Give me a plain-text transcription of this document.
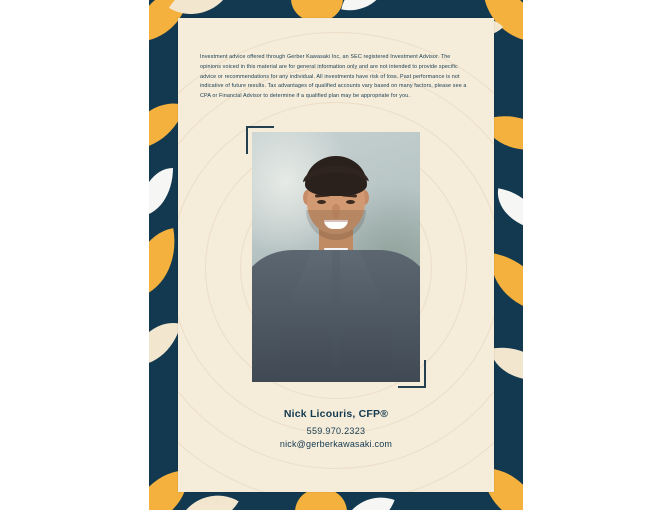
Investment advice offered through Gerber Kawasaki Inc, an SEC registered Investment Advisor. The opinions voiced in this material are for general information only and are not intended to provide specific advice or recommendations for any individual. All investments have risk of loss. Past performance is not indicative of future results. Tax advantages of qualified accounts vary based on many factors, please see a CPA or Financial Advisor to determine if a qualified plan may be appropriate for you.

Nick Licouris, CFP®
559.970.2323
nick@gerberkawasaki.com
